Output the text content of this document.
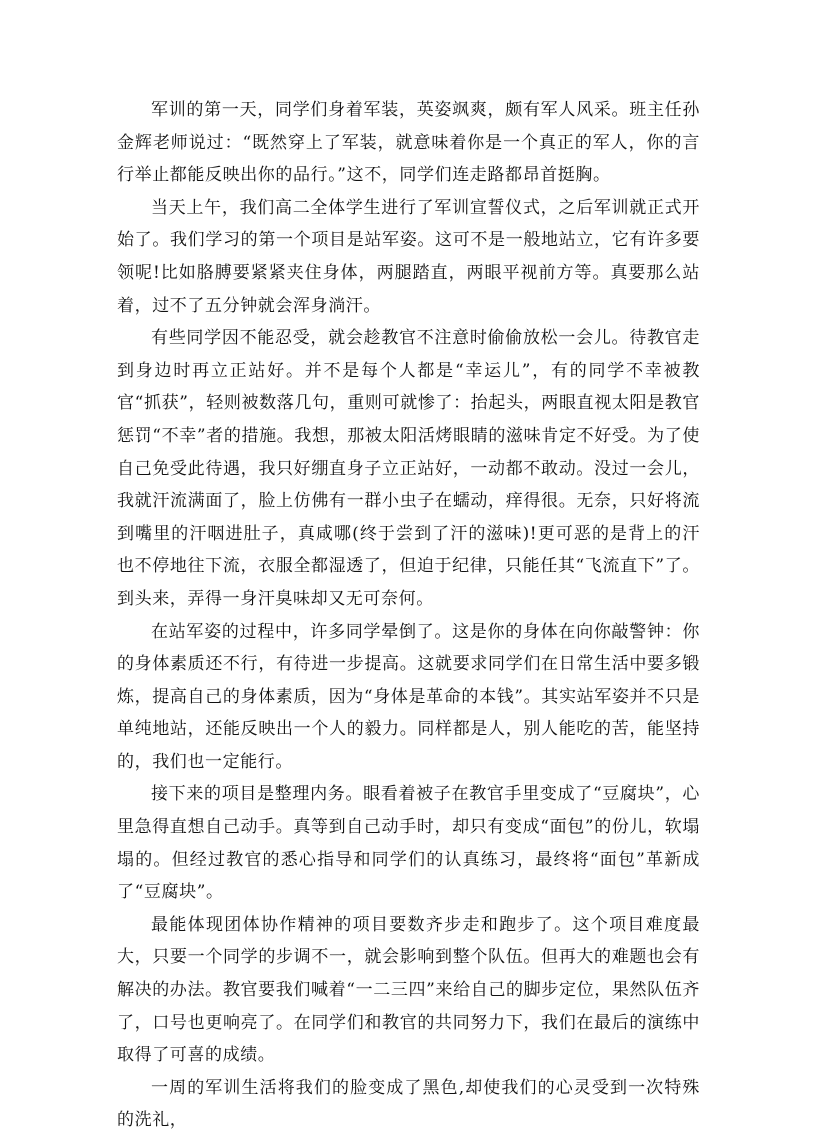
军训的第一天，同学们身着军装，英姿飒爽，颇有军人风采。班主任孙金辉老师说过：“既然穿上了军装，就意味着你是一个真正的军人，你的言行举止都能反映出你的品行。”这不，同学们连走路都昂首挺胸。

当天上午，我们高二全体学生进行了军训宣誓仪式，之后军训就正式开始了。我们学习的第一个项目是站军姿。这可不是一般地站立，它有许多要领呢!比如胳膊要紧紧夹住身体，两腿踏直，两眼平视前方等。真要那么站着，过不了五分钟就会浑身淌汗。

有些同学因不能忍受，就会趁教官不注意时偷偷放松一会儿。待教官走到身边时再立正站好。并不是每个人都是“幸运儿”，有的同学不幸被教官“抓获”，轻则被数落几句，重则可就惨了：抬起头，两眼直视太阳是教官惩罚“不幸”者的措施。我想，那被太阳活烤眼睛的滋味肯定不好受。为了使自己免受此待遇，我只好绷直身子立正站好，一动都不敢动。没过一会儿，我就汗流满面了，脸上仿佛有一群小虫子在蠕动，痒得很。无奈，只好将流到嘴里的汗咽进肚子，真咸哪(终于尝到了汗的滋味)!更可恶的是背上的汗也不停地往下流，衣服全都湿透了，但迫于纪律，只能任其“飞流直下”了。到头来，弄得一身汗臭味却又无可奈何。

在站军姿的过程中，许多同学晕倒了。这是你的身体在向你敲警钟：你的身体素质还不行，有待进一步提高。这就要求同学们在日常生活中要多锻炼，提高自己的身体素质，因为“身体是革命的本钱”。其实站军姿并不只是单纯地站，还能反映出一个人的毅力。同样都是人，别人能吃的苦，能坚持的，我们也一定能行。

接下来的项目是整理内务。眼看着被子在教官手里变成了“豆腐块”，心里急得直想自己动手。真等到自己动手时，却只有变成“面包”的份儿，软塌塌的。但经过教官的悉心指导和同学们的认真练习，最终将“面包”革新成了“豆腐块”。

最能体现团体协作精神的项目要数齐步走和跑步了。这个项目难度最大，只要一个同学的步调不一，就会影响到整个队伍。但再大的难题也会有解决的办法。教官要我们喊着“一二三四”来给自己的脚步定位，果然队伍齐了，口号也更响亮了。在同学们和教官的共同努力下，我们在最后的演练中取得了可喜的成绩。

一周的军训生活将我们的脸变成了黑色,却使我们的心灵受到一次特殊的洗礼，
